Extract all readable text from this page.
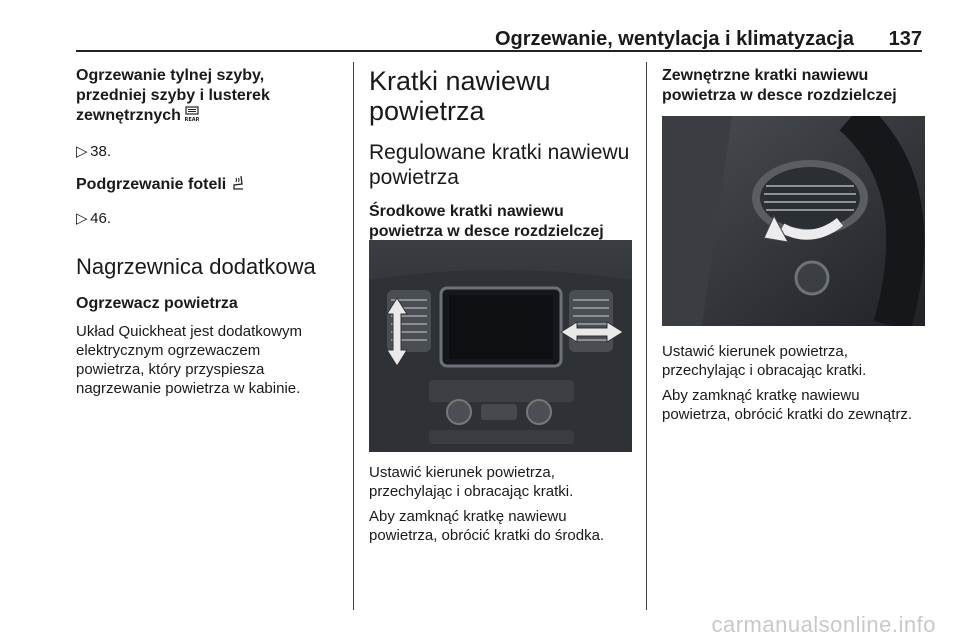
Ogrzewanie, wentylacja i klimatyzacja 137
Ogrzewanie tylnej szyby,
przedniej szyby i lusterek
zewnętrznych REAR

▷ 38.

Podgrzewanie foteli

▷ 46.

Nagrzewnica dodatkowa
Ogrzewacz powietrza

Układ Quickheat jest dodatkowym

elektrycznym ogrzewaczem

powietrza, który przyspiesza

nagrzewanie powietrza w kabinie.

Kratki nawiewu
powietrza
Regulowane kratki nawiewu
powietrza
Środkowe kratki nawiewu
powietrza w desce rozdzielczej

Ustawić kierunek powietrza,

przechylając i obracając kratki.

Aby zamknąć kratkę nawiewu

powietrza, obrócić kratki do środka.

Zewnętrzne kratki nawiewu
powietrza w desce rozdzielczej

Ustawić kierunek powietrza,

przechylając i obracając kratki.

Aby zamknąć kratkę nawiewu

powietrza, obrócić kratki do zewnątrz.

carmanualsonline.info
